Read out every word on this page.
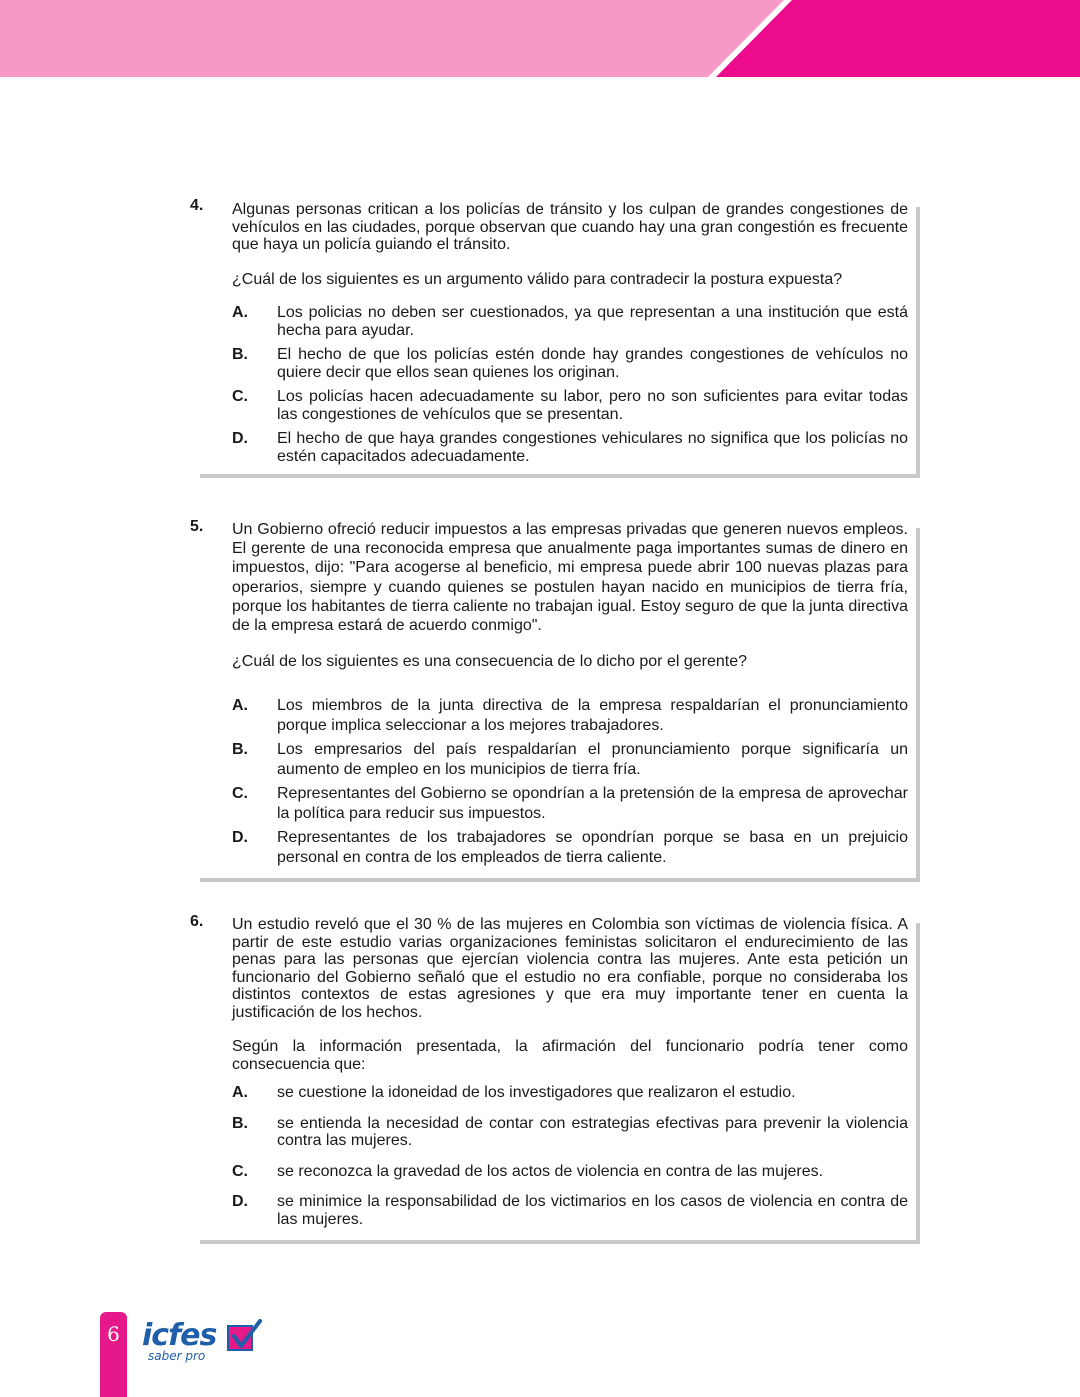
4. Algunas personas critican a los policías de tránsito y los culpan de grandes congestiones de vehículos en las ciudades, porque observan que cuando hay una gran congestión es frecuente que haya un policía guiando el tránsito.

¿Cuál de los siguientes es un argumento válido para contradecir la postura expuesta?

A. Los policias no deben ser cuestionados, ya que representan a una institución que está hecha para ayudar.
B. El hecho de que los policías estén donde hay grandes congestiones de vehículos no quiere decir que ellos sean quienes los originan.
C. Los policías hacen adecuadamente su labor, pero no son suficientes para evitar todas las congestiones de vehículos que se presentan.
D. El hecho de que haya grandes congestiones vehiculares no significa que los policías no estén capacitados adecuadamente.
5. Un Gobierno ofreció reducir impuestos a las empresas privadas que generen nuevos empleos. El gerente de una reconocida empresa que anualmente paga importantes sumas de dinero en impuestos, dijo: "Para acogerse al beneficio, mi empresa puede abrir 100 nuevas plazas para operarios, siempre y cuando quienes se postulen hayan nacido en municipios de tierra fría, porque los habitantes de tierra caliente no trabajan igual. Estoy seguro de que la junta directiva de la empresa estará de acuerdo conmigo".

¿Cuál de los siguientes es una consecuencia de lo dicho por el gerente?

A. Los miembros de la junta directiva de la empresa respaldarían el pronunciamiento porque implica seleccionar a los mejores trabajadores.
B. Los empresarios del país respaldarían el pronunciamiento porque significaría un aumento de empleo en los municipios de tierra fría.
C. Representantes del Gobierno se opondrían a la pretensión de la empresa de aprovechar la política para reducir sus impuestos.
D. Representantes de los trabajadores se opondrían porque se basa en un prejuicio personal en contra de los empleados de tierra caliente.
6. Un estudio reveló que el 30 % de las mujeres en Colombia son víctimas de violencia física. A partir de este estudio varias organizaciones feministas solicitaron el endurecimiento de las penas para las personas que ejercían violencia contra las mujeres. Ante esta petición un funcionario del Gobierno señaló que el estudio no era confiable, porque no consideraba los distintos contextos de estas agresiones y que era muy importante tener en cuenta la justificación de los hechos.

Según la información presentada, la afirmación del funcionario podría tener como consecuencia que:

A. se cuestione la idoneidad de los investigadores que realizaron el estudio.
B. se entienda la necesidad de contar con estrategias efectivas para prevenir la violencia contra las mujeres.
C. se reconozca la gravedad de los actos de violencia en contra de las mujeres.
D. se minimice la responsabilidad de los victimarios en los casos de violencia en contra de las mujeres.
6 icfes
saber pro
